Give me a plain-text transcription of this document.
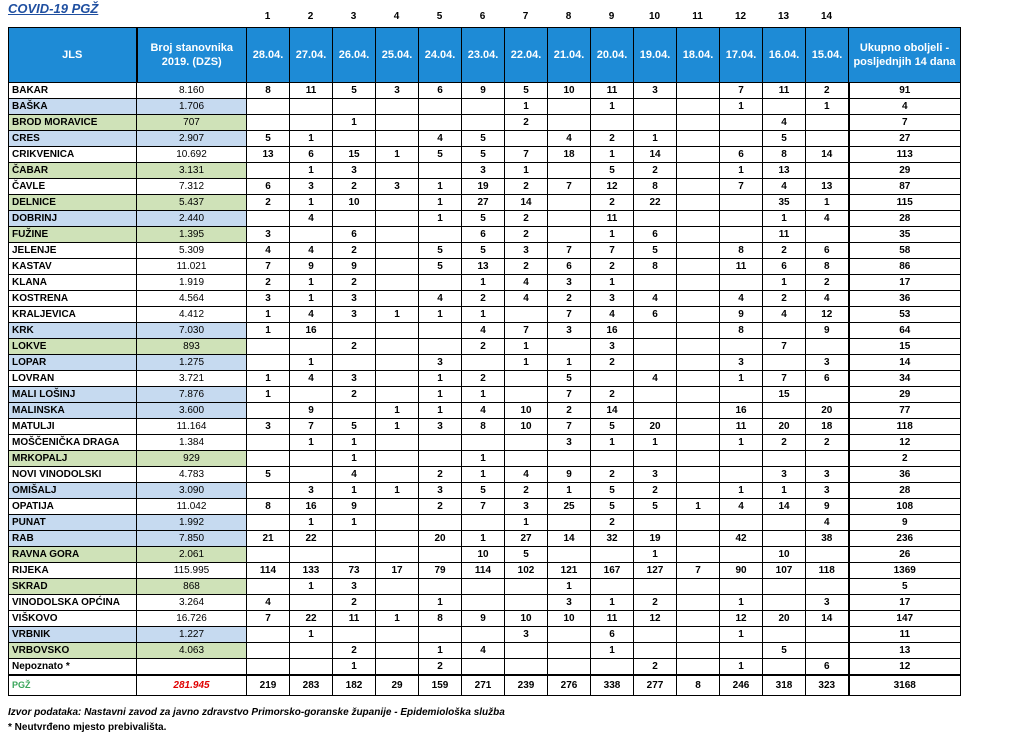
COVID-19 PGŽ
1	2	3	4	5	6	7	8	9	10	11	12	13	14
JLS	Broj stanovnika 2019. (DZS)	28.04.	27.04.	26.04.	25.04.	24.04.	23.04.	22.04.	21.04.	20.04.	19.04.	18.04.	17.04.	16.04.	15.04.	Ukupno oboljeli - posljednjih 14 dana
BAKAR	8.160	8	11	5	3	6	9	5	10	11	3		7	11	2	91
BAŠKA	1.706							1		1			1		1	4
BROD MORAVICE	707			1				2						4		7
CRES	2.907	5	1			4	5		4	2	1			5		27
CRIKVENICA	10.692	13	6	15	1	5	5	7	18	1	14		6	8	14	113
ČABAR	3.131		1	3			3	1		5	2		1	13		29
ČAVLE	7.312	6	3	2	3	1	19	2	7	12	8		7	4	13	87
DELNICE	5.437	2	1	10		1	27	14		2	22			35	1	115
DOBRINJ	2.440		4			1	5	2		11				1	4	28
FUŽINE	1.395	3		6			6	2		1	6			11		35
JELENJE	5.309	4	4	2		5	5	3	7	7	5		8	2	6	58
KASTAV	11.021	7	9	9		5	13	2	6	2	8		11	6	8	86
KLANA	1.919	2	1	2			1	4	3	1				1	2	17
KOSTRENA	4.564	3	1	3		4	2	4	2	3	4		4	2	4	36
KRALJEVICA	4.412	1	4	3	1	1	1		7	4	6		9	4	12	53
KRK	7.030	1	16				4	7	3	16			8		9	64
LOKVE	893			2			2	1		3				7		15
LOPAR	1.275		1			3		1	1	2			3		3	14
LOVRAN	3.721	1	4	3		1	2		5		4		1	7	6	34
MALI LOŠINJ	7.876	1		2		1	1		7	2				15		29
MALINSKA	3.600		9		1	1	4	10	2	14			16		20	77
MATULJI	11.164	3	7	5	1	3	8	10	7	5	20		11	20	18	118
MOŠČENIČKA DRAGA	1.384		1	1					3	1	1		1	2	2	12
MRKOPALJ	929			1			1									2
NOVI VINODOLSKI	4.783	5		4		2	1	4	9	2	3			3	3	36
OMIŠALJ	3.090		3	1	1	3	5	2	1	5	2		1	1	3	28
OPATIJA	11.042	8	16	9		2	7	3	25	5	5	1	4	14	9	108
PUNAT	1.992		1	1				1		2					4	9
RAB	7.850	21	22			20	1	27	14	32	19		42		38	236
RAVNA GORA	2.061						10	5			1			10		26
RIJEKA	115.995	114	133	73	17	79	114	102	121	167	127	7	90	107	118	1369
SKRAD	868		1	3					1							5
VINODOLSKA OPĆINA	3.264	4		2		1			3	1	2		1		3	17
VIŠKOVO	16.726	7	22	11	1	8	9	10	10	11	12		12	20	14	147
VRBNIK	1.227		1					3		6			1			11
VRBOVSKO	4.063			2		1	4			1				5		13
Nepoznato *				1		2					2		1		6	12
PGŽ	281.945	219	283	182	29	159	271	239	276	338	277	8	246	318	323	3168
Izvor podataka: Nastavni zavod za javno zdravstvo Primorsko-goranske županije - Epidemiološka služba
* Neutvrđeno mjesto prebivališta.
